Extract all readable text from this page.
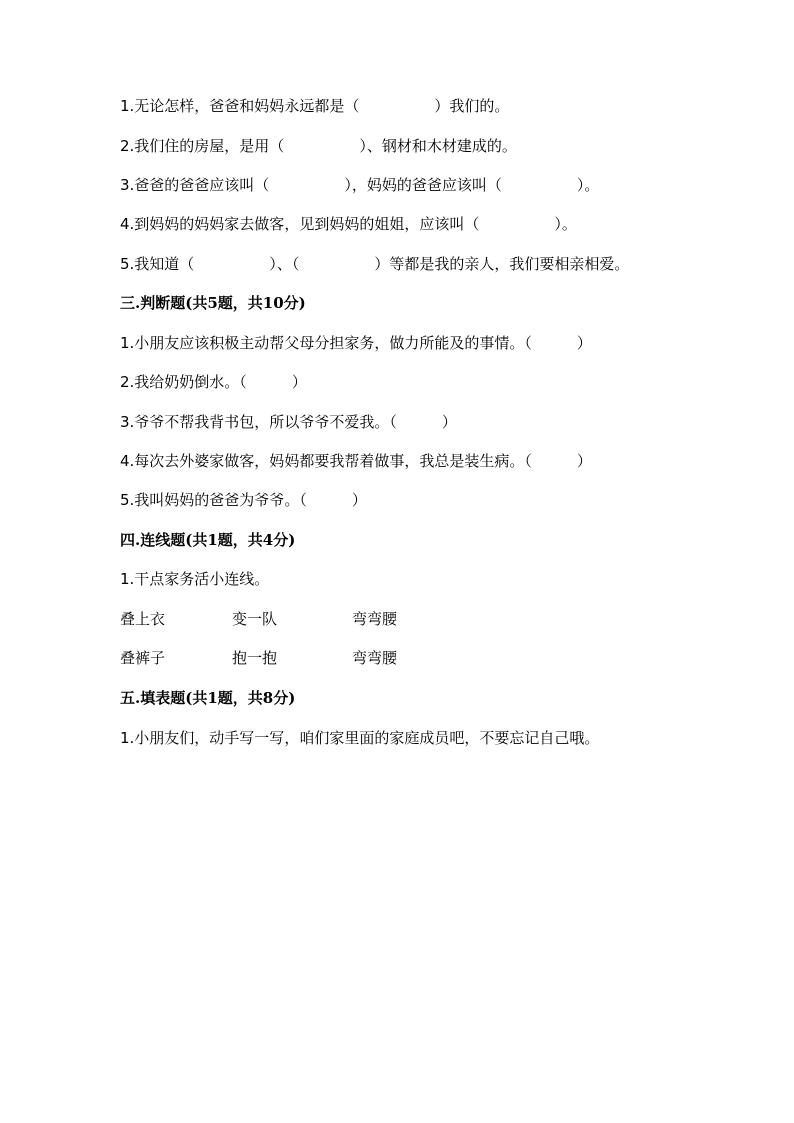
1.无论怎样，爸爸和妈妈永远都是（　　　　　）我们的。
2.我们住的房屋，是用（　　　　　）、钢材和木材建成的。
3.爸爸的爸爸应该叫（　　　　　），妈妈的爸爸应该叫（　　　　　）。
4.到妈妈的妈妈家去做客，见到妈妈的姐姐，应该叫（　　　　　）。
5.我知道（　　　　　）、（　　　　　）等都是我的亲人，我们要相亲相爱。
三.判断题(共5题，共10分)
1.小朋友应该积极主动帮父母分担家务，做力所能及的事情。（　　　）
2.我给奶奶倒水。（　　　）
3.爷爷不帮我背书包，所以爷爷不爱我。（　　　）
4.每次去外婆家做客，妈妈都要我帮着做事，我总是装生病。（　　　）
5.我叫妈妈的爸爸为爷爷。（　　　）
四.连线题(共1题，共4分)
1.干点家务活小连线。
叠上衣	变一队	弯弯腰
叠裤子	抱一抱	弯弯腰
五.填表题(共1题，共8分)
1.小朋友们，动手写一写，咱们家里面的家庭成员吧，不要忘记自己哦。
